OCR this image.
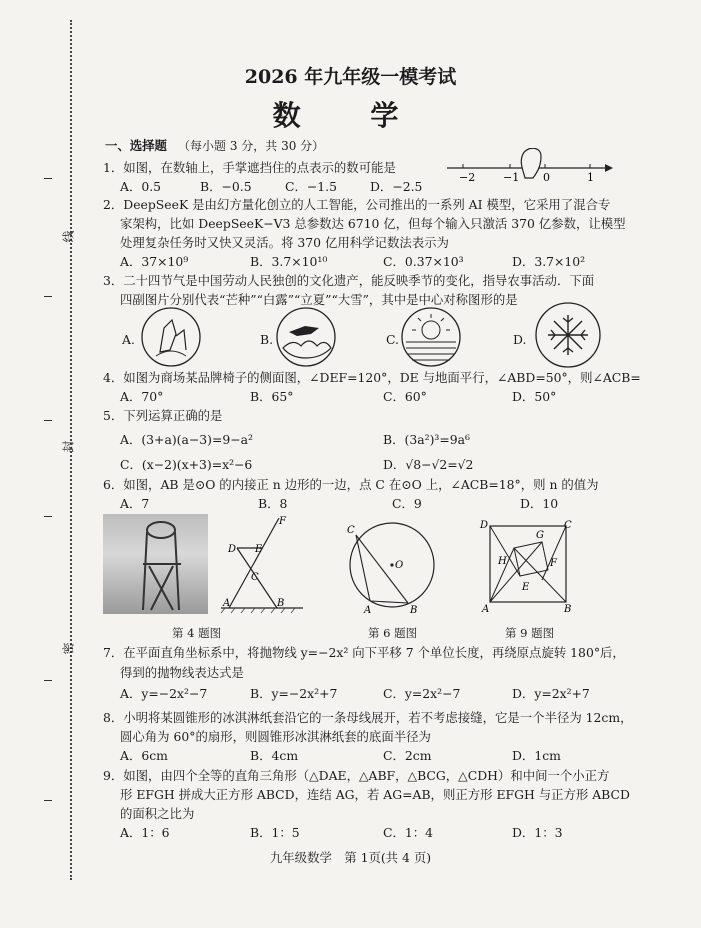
线
封
密
2026 年九年级一模考试
数 学
一、选择题 （每小题 3 分，共 30 分）
1．如图，在数轴上，手掌遮挡住的点表示的数可能是
A．0.5	B．−0.5	C．−1.5	D．−2.5
−2	−1 0	1
2．DeepSeeK 是由幻方量化创立的人工智能，公司推出的一系列 AI 模型，它采用了混合专
家架构，比如 DeepSeeK−V3 总参数达 6710 亿，但每个输入只激活 370 亿参数，让模型
处理复杂任务时又快又灵活。将 370 亿用科学记数法表示为
A．37×10⁹	B．3.7×10¹⁰	C．0.37×10³	D．3.7×10²
3．二十四节气是中国劳动人民独创的文化遗产，能反映季节的变化，指导农事活动．下面
四副图片分别代表“芒种”“白露”“立夏”“大雪”，其中是中心对称图形的是
A.	B.	C.	D.
4．如图为商场某品牌椅子的侧面图，∠DEF=120°，DE 与地面平行，∠ABD=50°，则∠ACB=
A．70°	B．65°	C．60°	D．50°
5．下列运算正确的是
A．(3+a)(a−3)=9−a²	B．(3a²)³=9a⁶
C．(x−2)(x+3)=x²−6	D．√8−√2=√2
6．如图，AB 是⊙O 的内接正 n 边形的一边，点 C 在⊙O 上，∠ACB=18°，则 n 的值为
A．7	B．8	C．9	D．10
D E
F
C
A	B
C
O
A	B
D	C
G
H	F
E
A	B
第 4 题图	第 6 题图	第 9 题图
7．在平面直角坐标系中，将抛物线 y=−2x² 向下平移 7 个单位长度，再绕原点旋转 180°后，
得到的抛物线表达式是
A．y=−2x²−7	B．y=−2x²+7	C．y=2x²−7	D．y=2x²+7
8．小明将某圆锥形的冰淇淋纸套沿它的一条母线展开，若不考虑接缝，它是一个半径为 12cm，
圆心角为 60°的扇形，则圆锥形冰淇淋纸套的底面半径为
A．6cm	B．4cm	C．2cm	D．1cm
9．如图，由四个全等的直角三角形（△DAE，△ABF，△BCG，△CDH）和中间一个小正方
形 EFGH 拼成大正方形 ABCD，连结 AG，若 AG=AB，则正方形 EFGH 与正方形 ABCD
的面积之比为
A．1：6	B．1：5	C．1：4	D．1：3
九年级数学　第 1页(共 4 页)
